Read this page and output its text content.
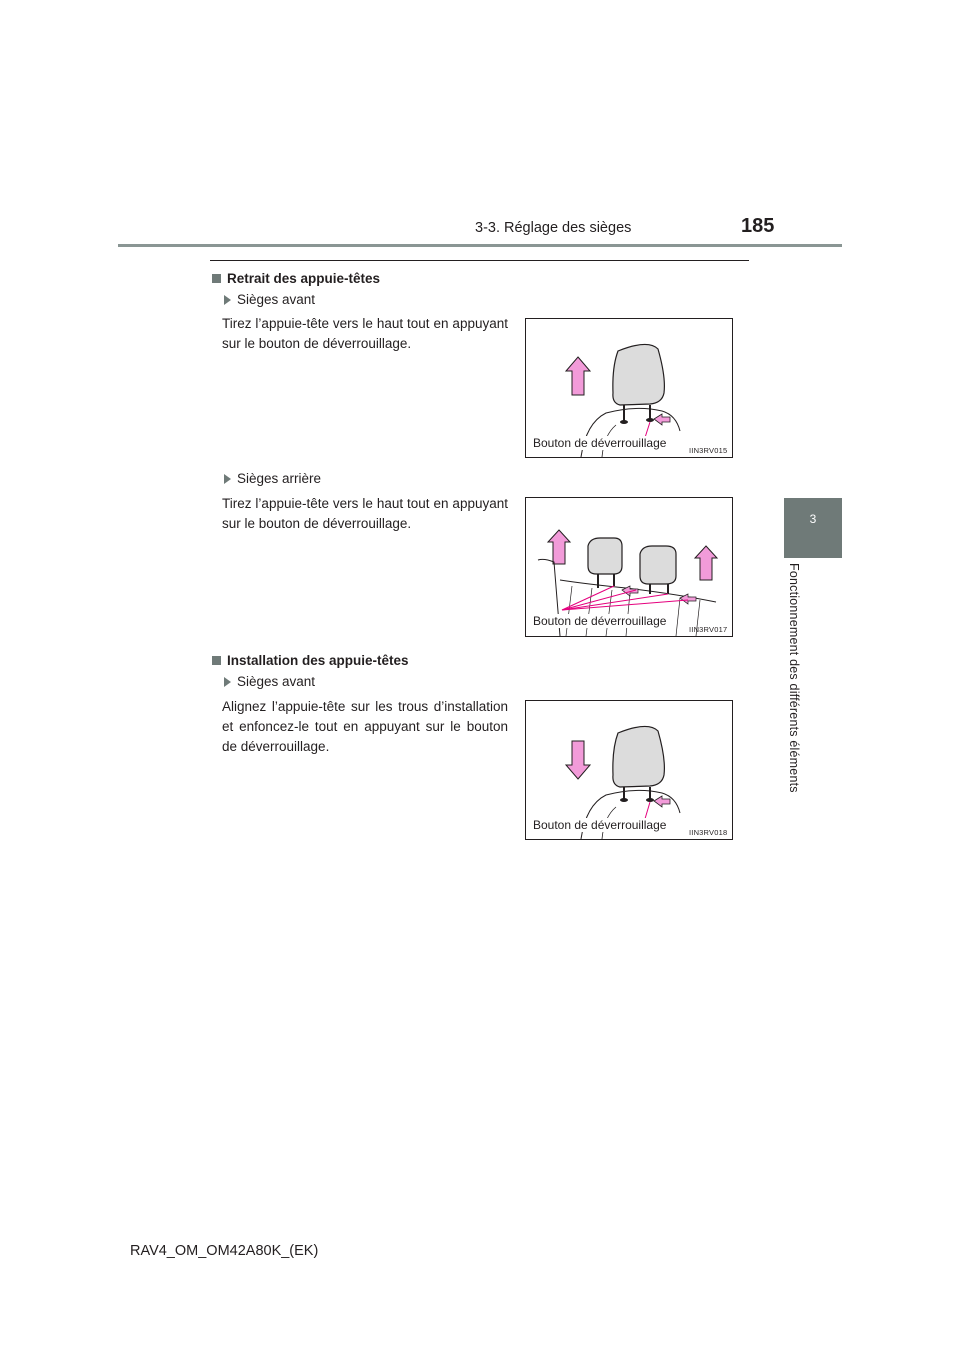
3-3. Réglage des sièges	185
3
Fonctionnement des différents éléments
Retrait des appuie-têtes
Sièges avant
Tirez l’appuie-tête vers le haut tout en appuyant sur le bouton de déverrouillage.
Bouton de déverrouillage
IIN3RV015
Sièges arrière
Tirez l’appuie-tête vers le haut tout en appuyant sur le bouton de déverrouillage.
Bouton de déverrouillage
IIN3RV017
Installation des appuie-têtes
Sièges avant
Alignez l’appuie-tête sur les trous d’installation et enfoncez-le tout en appuyant sur le bouton de déverrouillage.
Bouton de déverrouillage
IIN3RV018
RAV4_OM_OM42A80K_(EK)
